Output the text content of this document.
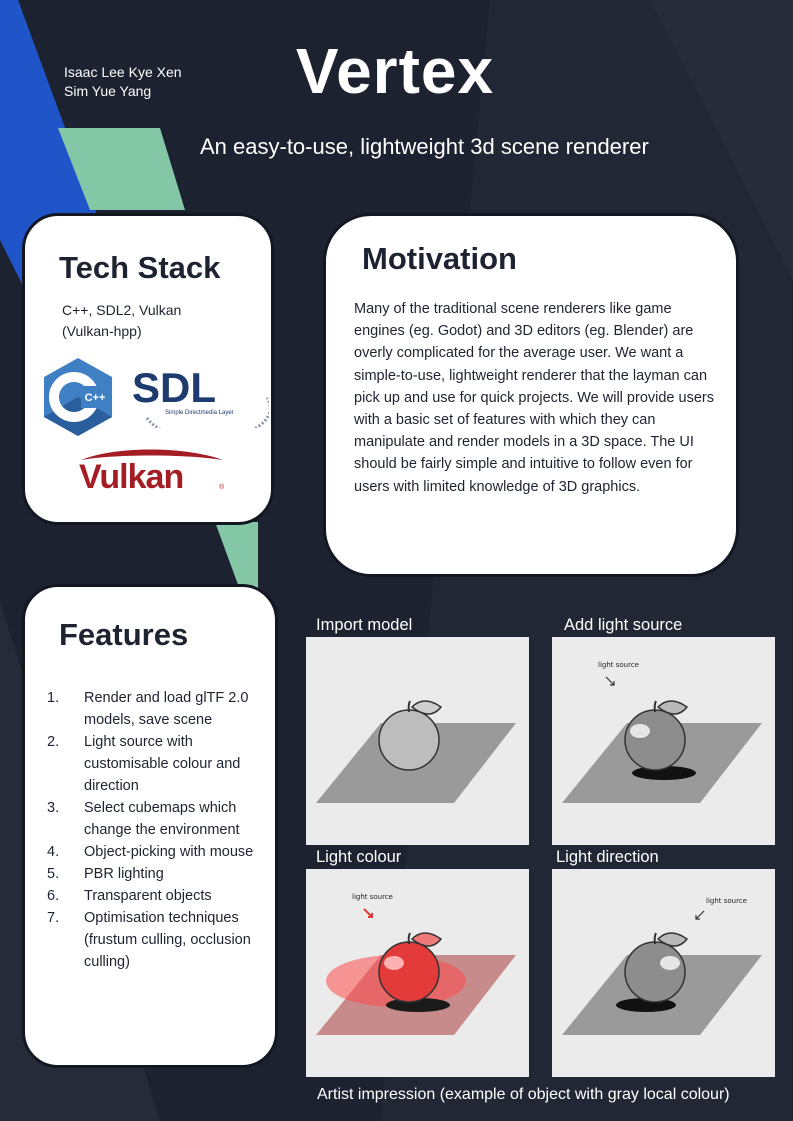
Isaac Lee Kye Xen
Sim Yue Yang	Vertex
An easy-to-use, lightweight 3d scene renderer
Tech Stack
C++, SDL2, Vulkan
(Vulkan-hpp)
C++ SDL
Simple Directmedia Layer
Vulkan	®
Motivation
Many of the traditional scene renderers like game engines (eg. Godot) and 3D editors (eg. Blender) are overly complicated for the average user. We want a simple-to-use, lightweight renderer that the layman can pick up and use for quick projects. We will provide users with a basic set of features with which they can manipulate and render models in a 3D space. The UI should be fairly simple and intuitive to follow even for users with limited knowledge of 3D graphics.
Features
1. Render and load glTF 2.0 models, save scene
2. Light source with customisable colour and direction
3. Select cubemaps which change the environment
4. Object-picking with mouse
5. PBR lighting
6. Transparent objects
7. Optimisation techniques (frustum culling, occlusion culling)
Import model	Add light source
Light colour	Light direction
light source
light source	light source
Artist impression (example of object with gray local colour)
